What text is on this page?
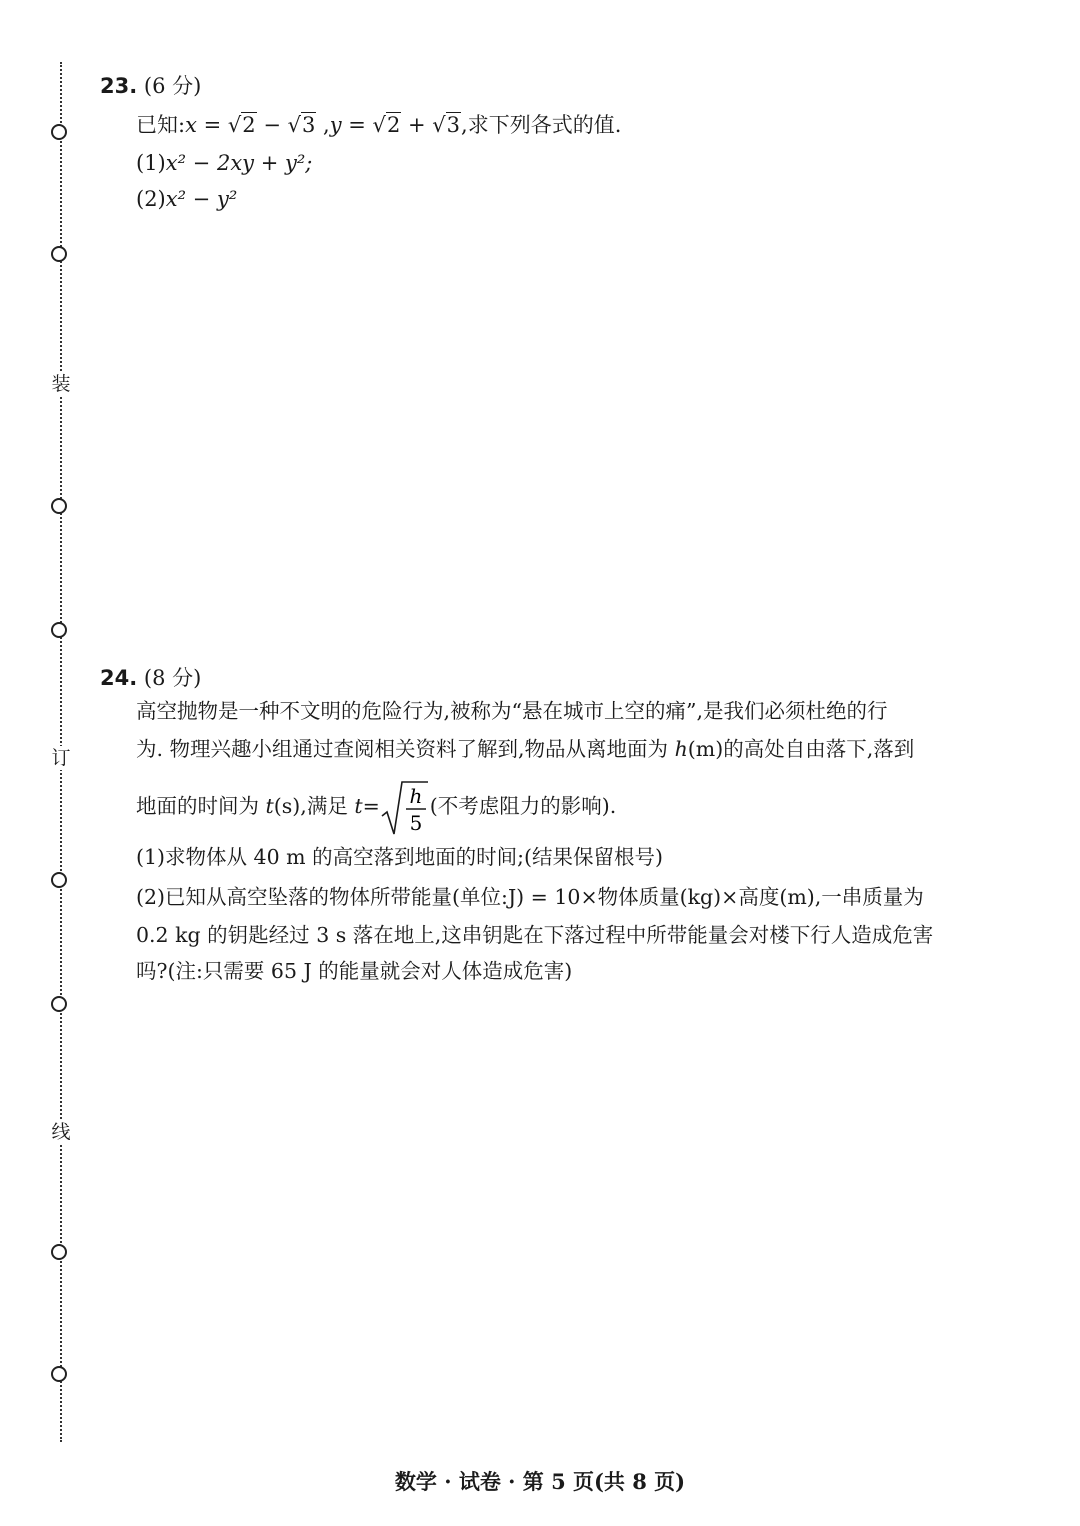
装
订
线
23. (6 分)
已知:x = √2 − √3 ,y = √2 + √3,求下列各式的值.
(1)x² − 2xy + y²;
(2)x² − y²
24. (8 分)
高空抛物是一种不文明的危险行为,被称为“悬在城市上空的痛”,是我们必须杜绝的行
为. 物理兴趣小组通过查阅相关资料了解到,物品从离地面为 h(m)的高处自由落下,落到
地面的时间为 t(s),满足 t= h
5
(不考虑阻力的影响).
(1)求物体从 40 m 的高空落到地面的时间;(结果保留根号)
(2)已知从高空坠落的物体所带能量(单位:J) = 10×物体质量(kg)×高度(m),一串质量为
0.2 kg 的钥匙经过 3 s 落在地上,这串钥匙在下落过程中所带能量会对楼下行人造成危害
吗?(注:只需要 65 J 的能量就会对人体造成危害)
数学 · 试卷 · 第 5 页(共 8 页)
